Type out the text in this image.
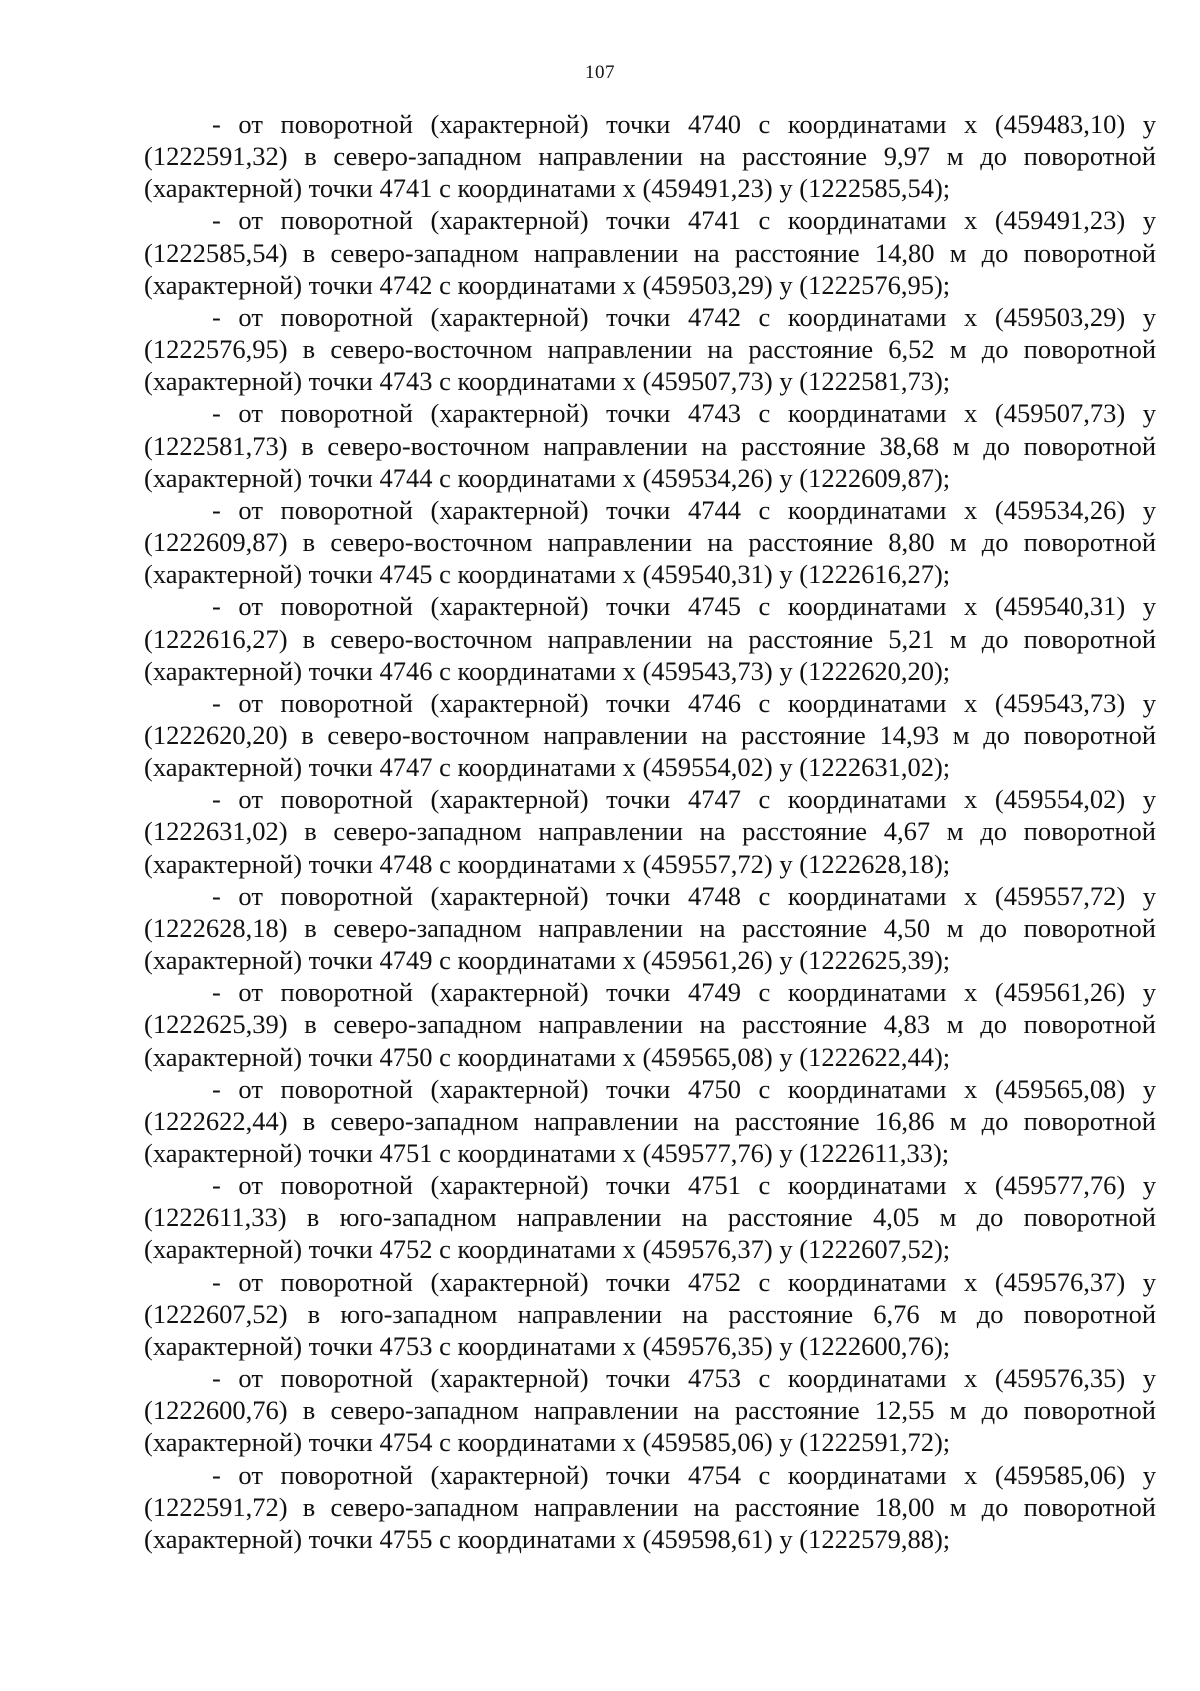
107

- от поворотной (характерной) точки 4740 с координатами x (459483,10) y (1222591,32) в северо-западном направлении на расстояние 9,97 м до поворотной (характерной) точки 4741 с координатами x (459491,23) y (1222585,54);

- от поворотной (характерной) точки 4741 с координатами x (459491,23) y (1222585,54) в северо-западном направлении на расстояние 14,80 м до поворотной (характерной) точки 4742 с координатами x (459503,29) y (1222576,95);

- от поворотной (характерной) точки 4742 с координатами x (459503,29) y (1222576,95) в северо-восточном направлении на расстояние 6,52 м до поворотной (характерной) точки 4743 с координатами x (459507,73) y (1222581,73);

- от поворотной (характерной) точки 4743 с координатами x (459507,73) y (1222581,73) в северо-восточном направлении на расстояние 38,68 м до поворотной (характерной) точки 4744 с координатами x (459534,26) y (1222609,87);

- от поворотной (характерной) точки 4744 с координатами x (459534,26) y (1222609,87) в северо-восточном направлении на расстояние 8,80 м до поворотной (характерной) точки 4745 с координатами x (459540,31) y (1222616,27);

- от поворотной (характерной) точки 4745 с координатами x (459540,31) y (1222616,27) в северо-восточном направлении на расстояние 5,21 м до поворотной (характерной) точки 4746 с координатами x (459543,73) y (1222620,20);

- от поворотной (характерной) точки 4746 с координатами x (459543,73) y (1222620,20) в северо-восточном направлении на расстояние 14,93 м до поворотной (характерной) точки 4747 с координатами x (459554,02) y (1222631,02);

- от поворотной (характерной) точки 4747 с координатами x (459554,02) y (1222631,02) в северо-западном направлении на расстояние 4,67 м до поворотной (характерной) точки 4748 с координатами x (459557,72) y (1222628,18);

- от поворотной (характерной) точки 4748 с координатами x (459557,72) y (1222628,18) в северо-западном направлении на расстояние 4,50 м до поворотной (характерной) точки 4749 с координатами x (459561,26) y (1222625,39);

- от поворотной (характерной) точки 4749 с координатами x (459561,26) y (1222625,39) в северо-западном направлении на расстояние 4,83 м до поворотной (характерной) точки 4750 с координатами x (459565,08) y (1222622,44);

- от поворотной (характерной) точки 4750 с координатами x (459565,08) y (1222622,44) в северо-западном направлении на расстояние 16,86 м до поворотной (характерной) точки 4751 с координатами x (459577,76) y (1222611,33);

- от поворотной (характерной) точки 4751 с координатами x (459577,76) y (1222611,33) в юго-западном направлении на расстояние 4,05 м до поворотной (характерной) точки 4752 с координатами x (459576,37) y (1222607,52);

- от поворотной (характерной) точки 4752 с координатами x (459576,37) y (1222607,52) в юго-западном направлении на расстояние 6,76 м до поворотной (характерной) точки 4753 с координатами x (459576,35) y (1222600,76);

- от поворотной (характерной) точки 4753 с координатами x (459576,35) y (1222600,76) в северо-западном направлении на расстояние 12,55 м до поворотной (характерной) точки 4754 с координатами x (459585,06) y (1222591,72);

- от поворотной (характерной) точки 4754 с координатами x (459585,06) y (1222591,72) в северо-западном направлении на расстояние 18,00 м до поворотной (характерной) точки 4755 с координатами x (459598,61) y (1222579,88);
